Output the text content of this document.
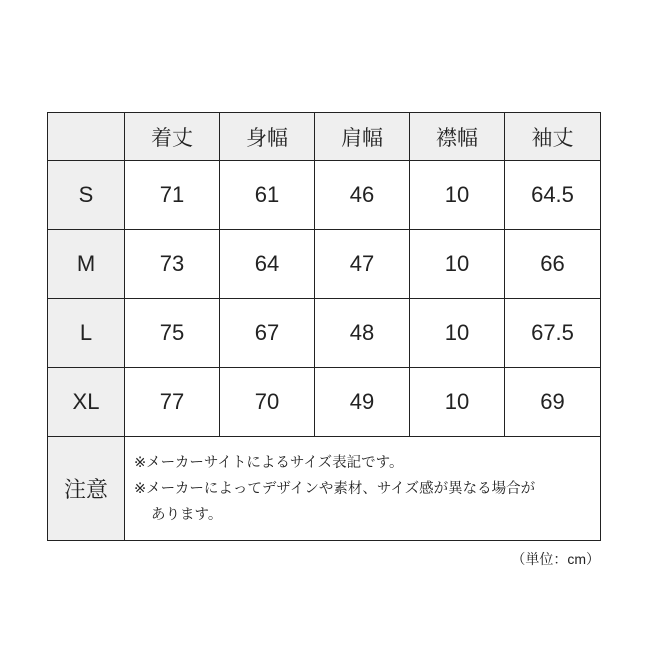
	着丈	身幅	肩幅	襟幅	袖丈
S	71	61	46	10	64.5
M	73	64	47	10	66
L	75	67	48	10	67.5
XL	77	70	49	10	69
注意	※メーカーサイトによるサイズ表記です。
※メーカーによってデザインや素材、サイズ感が異なる場合が
あります。				
（単位：cm）
